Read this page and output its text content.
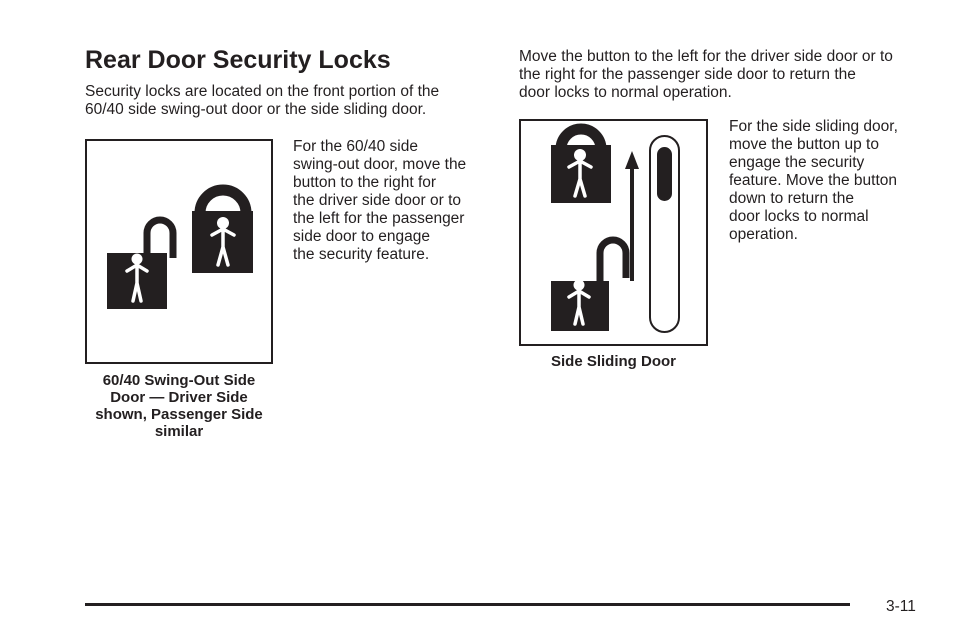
Rear Door Security Locks
Security locks are located on the front portion of the
60/40 side swing-out door or the side sliding door.
60/40 Swing-Out Side
Door — Driver Side
shown, Passenger Side
similar
For the 60/40 side
swing-out door, move the
button to the right for
the driver side door or to
the left for the passenger
side door to engage
the security feature.
Move the button to the left for the driver side door or to
the right for the passenger side door to return the
door locks to normal operation.
Side Sliding Door
For the side sliding door,
move the button up to
engage the security
feature. Move the button
down to return the
door locks to normal
operation.
3-11
